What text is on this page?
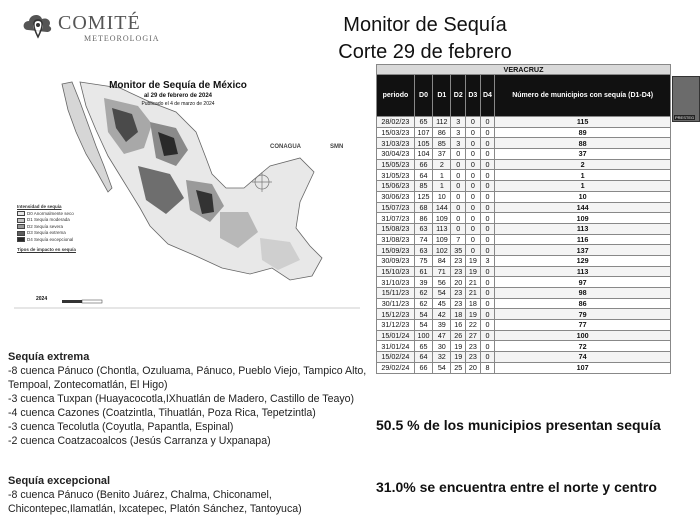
COMITÉ
METEOROLOGIA
Monitor de Sequía
Corte 29 de febrero
Monitor de Sequía de México
al 29 de febrero de 2024
Publicado el 4 de marzo de 2024
CONAGUA	SMN
Intensidad de sequía
D0 Anormalmente seco
D1 Sequía moderada
D2 Sequía severa
D3 Sequía extrema
D4 Sequía excepcional
Tipos de impacto en sequía
2024
VERACRUZ						
periodo	D0	D1	D2	D3	D4	Número de municipios con sequía (D1-D4)
28/02/23	65	112	3	0	0	115
15/03/23	107	86	3	0	0	89
31/03/23	105	85	3	0	0	88
30/04/23	104	37	0	0	0	37
15/05/23	66	2	0	0	0	2
31/05/23	64	1	0	0	0	1
15/06/23	85	1	0	0	0	1
30/06/23	125	10	0	0	0	10
15/07/23	68	144	0	0	0	144
31/07/23	86	109	0	0	0	109
15/08/23	63	113	0	0	0	113
31/08/23	74	109	7	0	0	116
15/09/23	63	102	35	0	0	137
30/09/23	75	84	23	19	3	129
15/10/23	61	71	23	19	0	113
31/10/23	39	56	20	21	0	97
15/11/23	62	54	23	21	0	98
30/11/23	62	45	23	18	0	86
15/12/23	54	42	18	19	0	79
31/12/23	54	39	16	22	0	77
15/01/24	100	47	26	27	0	100
31/01/24	65	30	19	23	0	72
15/02/24	64	32	19	23	0	74
29/02/24	66	54	25	20	8	107
PRESTEG
Sequía extrema

-8 cuenca Pánuco (Chontla, Ozuluama, Pánuco, Pueblo Viejo, Tampico Alto, Tempoal, Zontecomatlán, El Higo)

-3 cuenca Tuxpan (Huayacocotla,IXhuatlán de Madero, Castillo de Teayo)

-4 cuenca Cazones (Coatzintla, Tihuatlán, Poza Rica, Tepetzintla)

-3 cuenca Tecolutla (Coyutla, Papantla, Espinal)

-2 cuenca Coatzacoalcos (Jesús Carranza y Uxpanapa)

Sequía excepcional

-8 cuenca Pánuco (Benito Juárez, Chalma, Chiconamel, Chicontepec,Ilamatlán, Ixcatepec, Platón Sánchez, Tantoyuca)

50.5 % de los municipios presentan sequía
31.0% se encuentra entre el norte y centro
